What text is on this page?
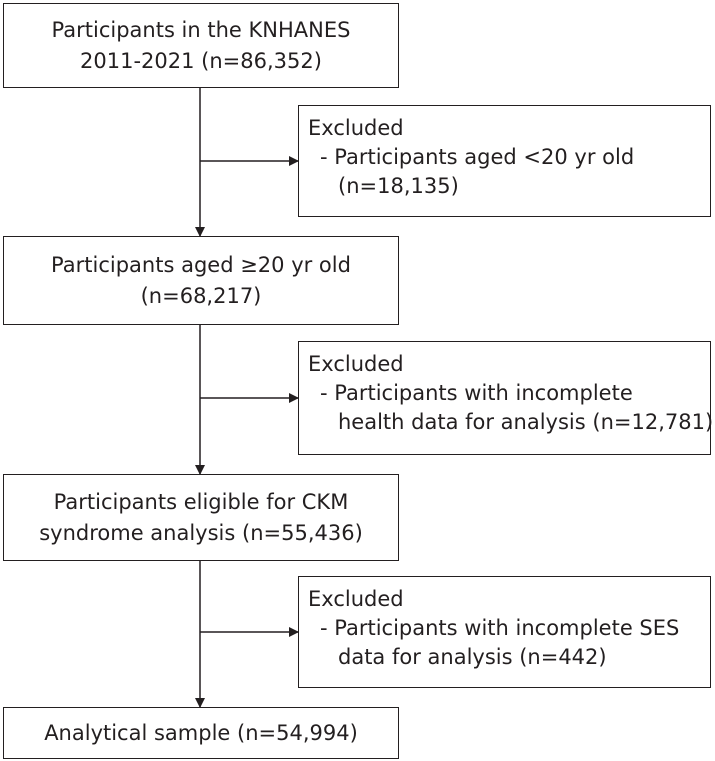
Participants in the KNHANES
2011-2021 (n=86,352)
Excluded
- Participants aged <20 yr old
(n=18,135)
Participants aged ≥20 yr old
(n=68,217)
Excluded
- Participants with incomplete
health data for analysis (n=12,781)
Participants eligible for CKM
syndrome analysis (n=55,436)
Excluded
- Participants with incomplete SES
data for analysis (n=442)
Analytical sample (n=54,994)
